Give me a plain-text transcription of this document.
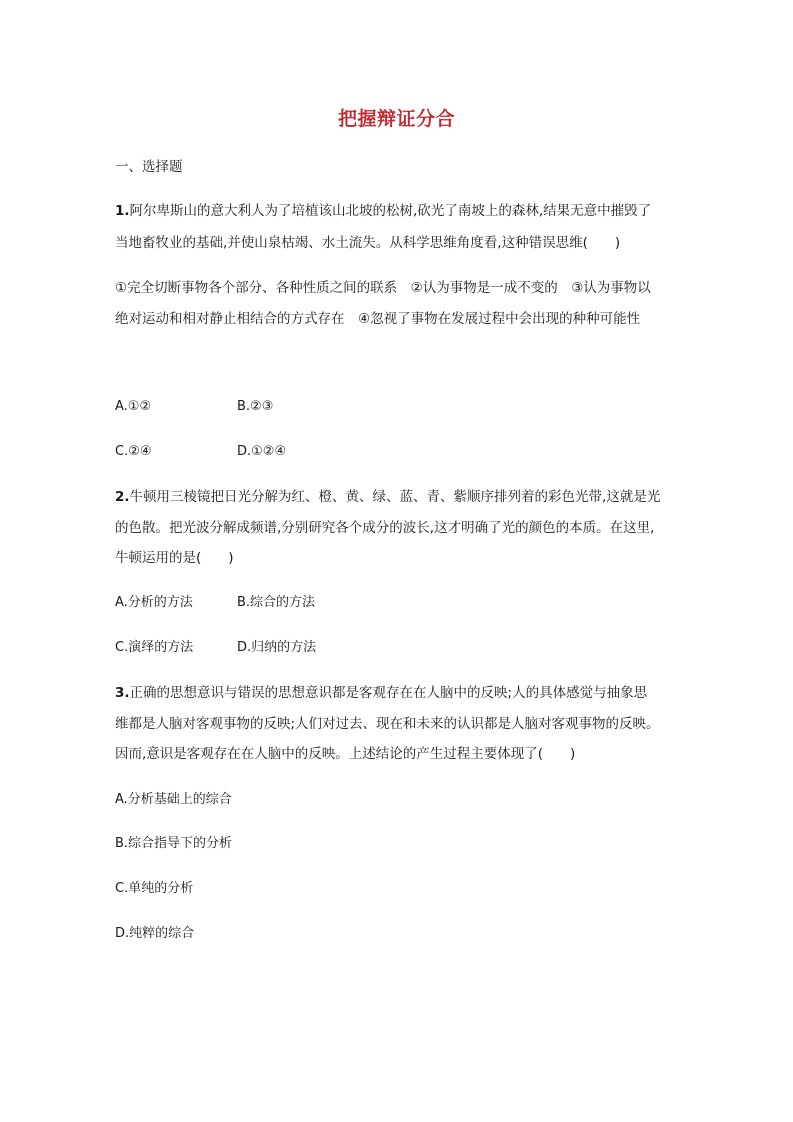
把握辩证分合
一、选择题
1.阿尔卑斯山的意大利人为了培植该山北坡的松树,砍光了南坡上的森林,结果无意中摧毁了
当地畜牧业的基础,并使山泉枯竭、水土流失。从科学思维角度看,这种错误思维(　　)
①完全切断事物各个部分、各种性质之间的联系　②认为事物是一成不变的　③认为事物以
绝对运动和相对静止相结合的方式存在　④忽视了事物在发展过程中会出现的种种可能性
A.①②	B.②③
C.②④	D.①②④
2.牛顿用三棱镜把日光分解为红、橙、黄、绿、蓝、青、紫顺序排列着的彩色光带,这就是光
的色散。把光波分解成频谱,分别研究各个成分的波长,这才明确了光的颜色的本质。在这里,
牛顿运用的是(　　)
A.分析的方法	B.综合的方法
C.演绎的方法	D.归纳的方法
3.正确的思想意识与错误的思想意识都是客观存在在人脑中的反映;人的具体感觉与抽象思
维都是人脑对客观事物的反映;人们对过去、现在和未来的认识都是人脑对客观事物的反映。
因而,意识是客观存在在人脑中的反映。上述结论的产生过程主要体现了(　　)
A.分析基础上的综合
B.综合指导下的分析
C.单纯的分析
D.纯粹的综合
